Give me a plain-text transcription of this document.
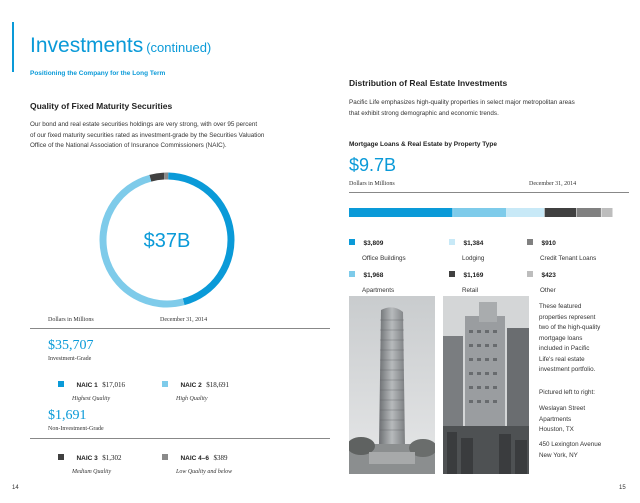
Investments (continued)
Positioning the Company for the Long Term
Quality of Fixed Maturity Securities
Our bond and real estate securities holdings are very strong, with over 95 percent
of our fixed maturity securities rated as investment-grade by the Securities Valuation
Office of the National Association of Insurance Commissioners (NAIC).
$37B
Dollars in Millions	December 31, 2014
$35,707
Investment-Grade
NAIC 1 $17,016
Highest Quality
NAIC 2 $18,691
High Quality
$1,691
Non-Investment-Grade
NAIC 3 $1,302
Medium Quality
NAIC 4–6 $389
Low Quality and below
14
Distribution of Real Estate Investments
Pacific Life emphasizes high-quality properties in select major metropolitan areas
that exhibit strong demographic and economic trends.
Mortgage Loans & Real Estate by Property Type
$9.7B
Dollars in Millions	December 31, 2014
$3,809
Office Buildings
$1,384
Lodging
$910
Credit Tenant Loans
$1,968
Apartments
$1,169
Retail
$423
Other
These featured
properties represent
two of the high-quality
mortgage loans
included in Pacific
Life's real estate
investment portfolio.
Pictured left to right:
Weslayan Street
Apartments
Houston, TX
450 Lexington Avenue
New York, NY
15
